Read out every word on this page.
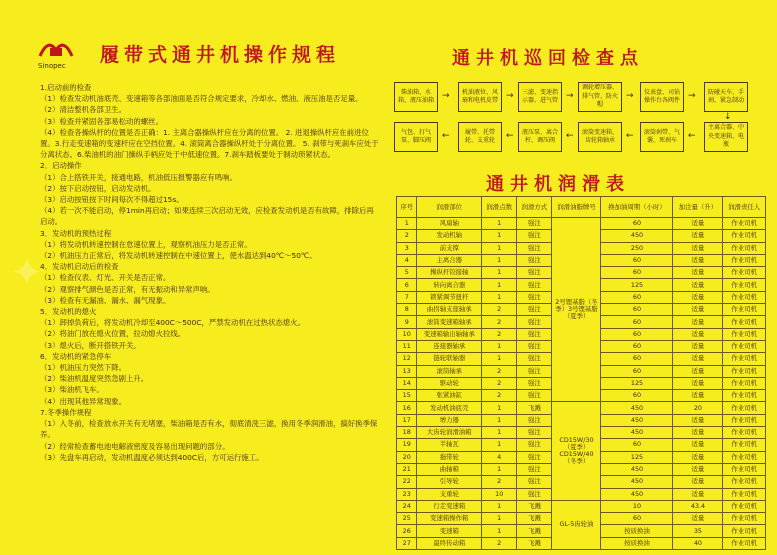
Sinopec 履带式通井机操作规程
1.启动前的检查
（1）检查发动机油底壳、变速箱等各部油面是否符合规定要求，冷却水、燃油、液压油是否足量。
（2）清洁整机各部卫生。
（3）检查并紧固各部易松动的螺丝。
（4）检查各操纵杆的位置是否正确：1. 主离合器操纵杆应在分离的位置。 2. 进退操纵杆应在前进位置。3.行走变速箱的变速杆应在空挡位置。4. 滚筒离合器操纵杆处于分离位置。 5. 刹带与死刹车应处于分离状态。6.柴油机的油门操纵手柄应处于中低速位置。7.刹车踏板要处于制动琐紧状态。
2．启动操作
（1）合上搭铁开关，接通电路，机油低压报警器应有鸣响。
（2）按下启动按钮，启动发动机。
（3）启动按钮按下时间每次不得超过15s。
（4）若一次不能启动，停1min再启动；如果连续三次启动无效，应检查发动机是否有故障，排除后再启动。
3．发动机的预热过程
（1）将发动机转速控制在怠速位置上，观察机油压力是否正常。
（2）机油压力正常后，将发动机转速控制在中速位置上，使水温达到40℃～50℃。
4．发动机启动后的检查
（1）检查仪表、灯光、开关是否正常。
（2）观察排气颜色是否正常，有无振动和异常声响。
（3）检查有无漏油、漏水、漏气现象。
5．发动机的熄火
（1）卸掉负荷后，将发动机冷却至400C～500C，严禁发动机在过热状态熄火。
（2）将油门放在熄火位置，拉动熄火拉线。
（3）熄火后，断开搭铁开关。
6．发动机的紧急停车
（1）机油压力突然下降。
（2）柴油机温度突然急剧上升。
（3）柴油机飞车。
（4）出现其他异常现象。
7.冬季操作规程
（1）入冬前，检查放水开关有无堵塞，柴油箱是否有水，彻底清洗三滤，换用冬季润滑油，搞好换季保养。
（2）经常检查蓄电池电解液密度及容易出现问题的部分。
（3）先盘车再启动，发动机温度必须达到400C后，方可运行施工。
通井机巡回检查点
柴油箱、水箱、液压油箱 →	机油液位、风扇和电机皮带 →	三滤、变速指示器、进气管 →
调轮增压器、排气管、防火帽
→	仪表盘、司钻操作台各阀件 →	防碰天车、手刹、紧急制动
气包、打气泵、脚压阀	←	履带、托带轮、支重轮	←	液压泵、离合杆、调压阀	←	滚筒变速箱、齿轮箱轴承	←	滚筒刹带、气囊、死刹车	←
主离合器、中央变速箱、电瓶
↓
通井机润滑表
序号	润滑部位	润滑点数	润滑方式	润滑油脂牌号	换加油周期（小时）	加注量（升）	润滑责任人
1	风扇轴	1	强注	2号锂基脂（冬季）3号锂基脂（夏季）	60	适量	作业司机
2	发动机轴	1	强注		450	适量	作业司机
3	前支撑	1	强注		250	适量	作业司机
4	主离合器	1	强注		60	适量	作业司机
5	操纵杆铰接轴	1	强注		60	适量	作业司机
6	转向离合器	1	强注		125	适量	作业司机
7	锁紧调节扭杆	1	强注		60	适量	作业司机
8	曲拐轴支座轴承	2	强注		60	适量	作业司机
9	滚筒变速箱轴承	2	强注		60	适量	作业司机
10	变速箱输出轴轴承	2	强注		60	适量	作业司机
11	连接器轴承	1	强注		60	适量	作业司机
12	链轮联轴器	1	强注		60	适量	作业司机
13	滚筒轴承	2	强注		60	适量	作业司机
14	驱动轮	2	强注		125	适量	作业司机
15	张紧油缸	2	强注		60	适量	作业司机
16	发动机油底壳	1	飞溅	CD15W/30（夏季）CD15W/40（冬季）	450	20	作业司机
17	增力器	1	强注		450	适量	作业司机
18	大齿轮润滑油箱	1	强注		450	适量	作业司机
19	半轴瓦	1	强注		60	适量	作业司机
20	拖带轮	4	强注		125	适量	作业司机
21	曲轴箱	1	强注		450	适量	作业司机
22	引导轮	2	强注		450	适量	作业司机
23	支重轮	10	强注		450	适量	作业司机
24	行走变速箱	1	飞溅	GL-5齿轮油	10	43.4	作业司机
25	变速箱操作箱	1	飞溅		60	适量	作业司机
26	变速箱	1	飞溅		按质换油	35	作业司机
27	最终传动箱	2	飞溅		按质换油	40	作业司机
✦
